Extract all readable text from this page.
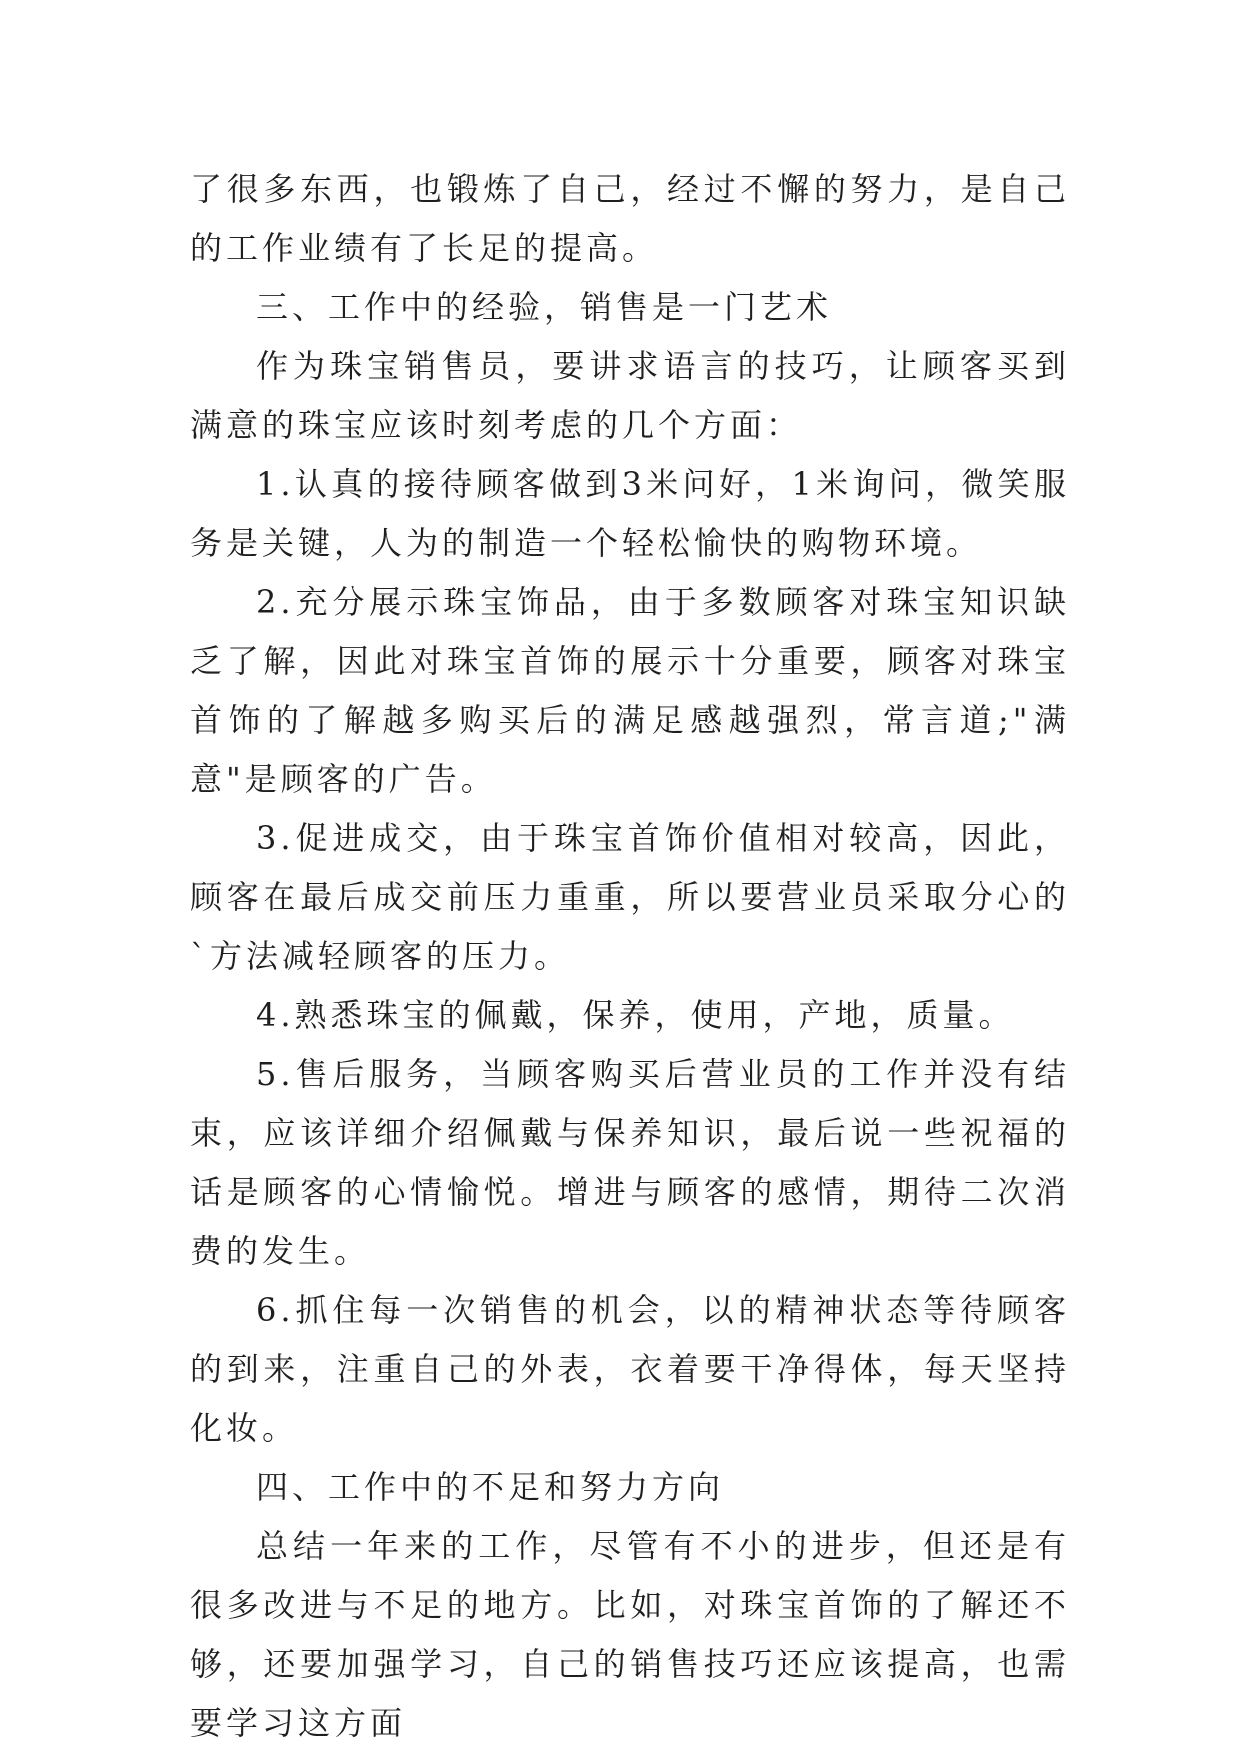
了很多东西，也锻炼了自己，经过不懈的努力，是自己的工作业绩有了长足的提高。

三、工作中的经验，销售是一门艺术

作为珠宝销售员，要讲求语言的技巧，让顾客买到满意的珠宝应该时刻考虑的几个方面：

1.认真的接待顾客做到3米问好，1米询问，微笑服务是关键，人为的制造一个轻松愉快的购物环境。

2.充分展示珠宝饰品，由于多数顾客对珠宝知识缺乏了解，因此对珠宝首饰的展示十分重要，顾客对珠宝首饰的了解越多购买后的满足感越强烈，常言道;"满意"是顾客的广告。

3.促进成交，由于珠宝首饰价值相对较高，因此，顾客在最后成交前压力重重，所以要营业员采取分心的`方法减轻顾客的压力。

4.熟悉珠宝的佩戴，保养，使用，产地，质量。

5.售后服务，当顾客购买后营业员的工作并没有结束，应该详细介绍佩戴与保养知识，最后说一些祝福的话是顾客的心情愉悦。增进与顾客的感情，期待二次消费的发生。

6.抓住每一次销售的机会，以的精神状态等待顾客的到来，注重自己的外表，衣着要干净得体，每天坚持化妆。

四、工作中的不足和努力方向

总结一年来的工作，尽管有不小的进步，但还是有很多改进与不足的地方。比如，对珠宝首饰的了解还不够，还要加强学习，自己的销售技巧还应该提高，也需要学习这方面
